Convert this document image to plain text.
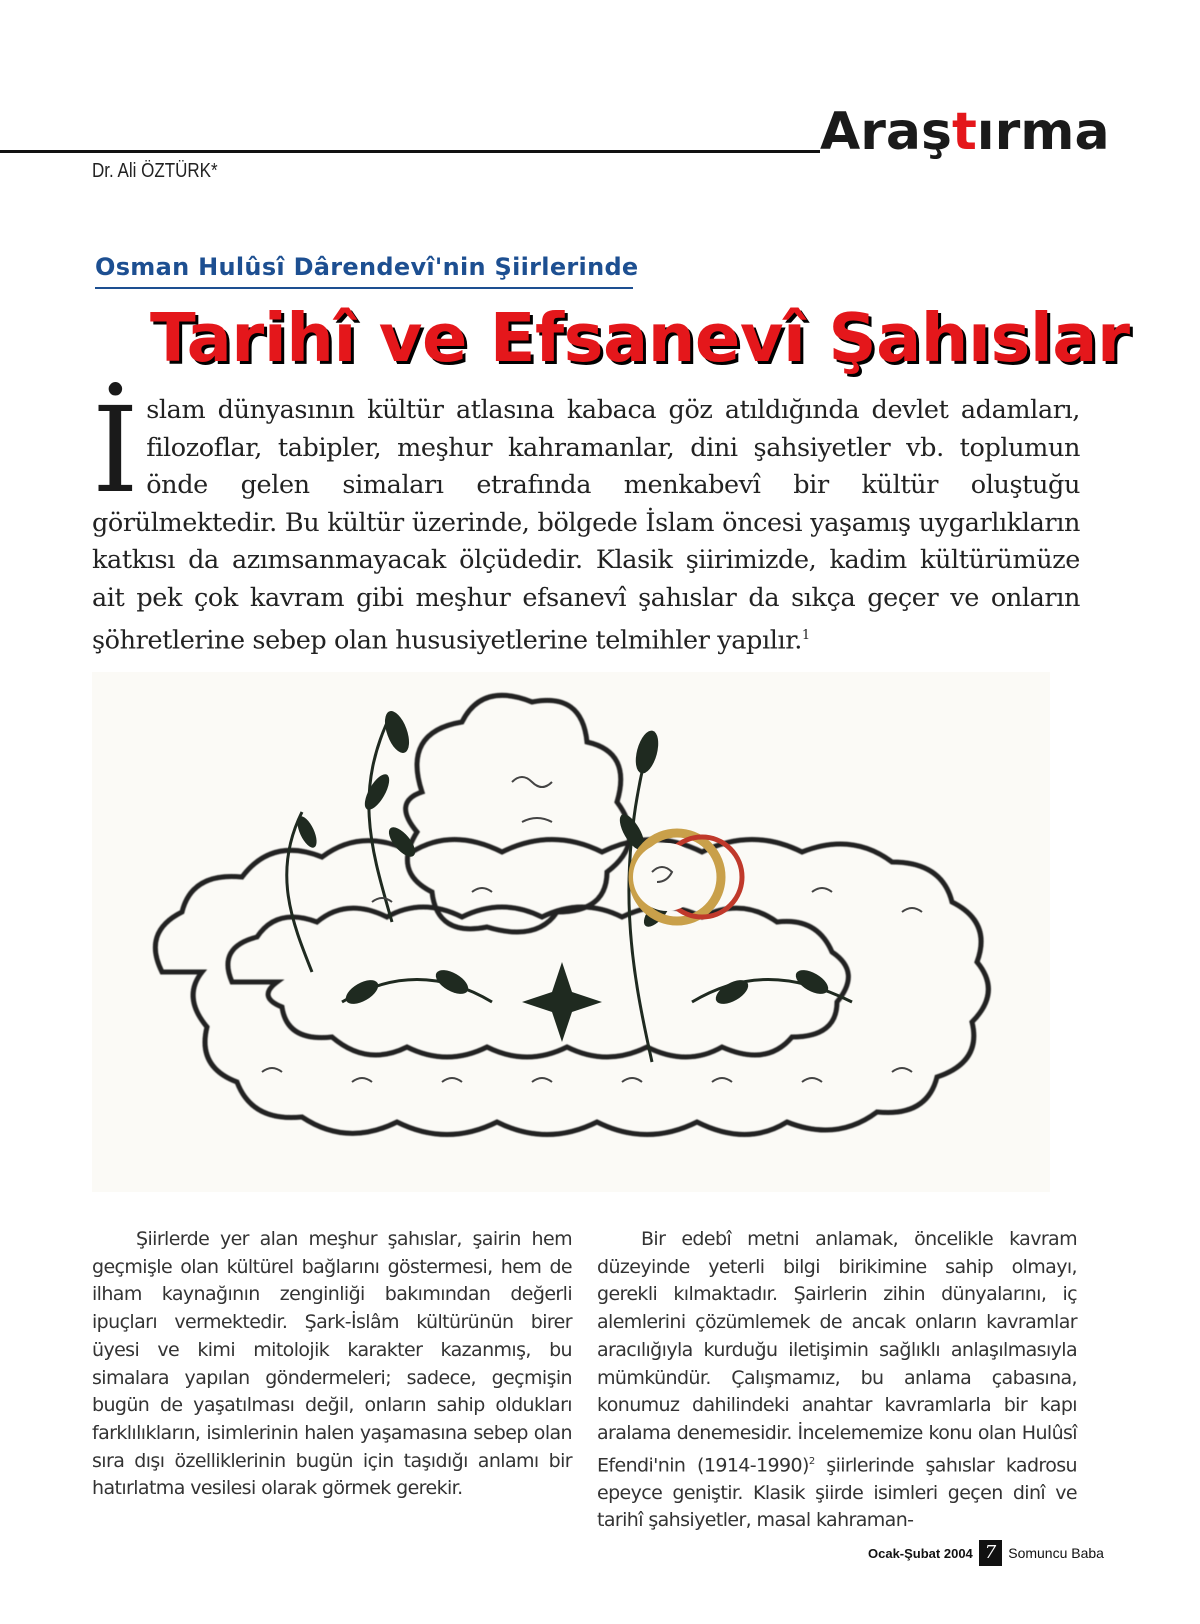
Araştırma
Dr. Ali ÖZTÜRK*
Osman Hulûsî Dârendevî'nin Şiirlerinde
Tarihî ve Efsanevî Şahıslar
İslam dünyasının kültür atlasına kabaca göz atıldığında devlet adamları, filozoflar, tabipler, meşhur kahramanlar, dini şahsiyetler vb. toplumun önde gelen simaları etrafında menkabevî bir kültür oluştuğu görülmektedir. Bu kültür üzerinde, bölgede İslam öncesi yaşamış uygarlıkların katkısı da azımsanmayacak ölçüdedir. Klasik şiirimizde, kadim kültürümüze ait pek çok kavram gibi meşhur efsanevî şahıslar da sıkça geçer ve onların şöhretlerine sebep olan hususiyetlerine telmihler yapılır.$^1$
Şiirlerde yer alan meşhur şahıslar, şairin hem geçmişle olan kültürel bağlarını göstermesi, hem de ilham kaynağının zenginliği bakımından değerli ipuçları vermektedir. Şark-İslâm kültürünün birer üyesi ve kimi mitolojik karakter kazanmış, bu simalara yapılan göndermeleri; sadece, geçmişin bugün de yaşatılması değil, onların sahip oldukları farklılıkların, isimlerinin halen yaşamasına sebep olan sıra dışı özelliklerinin bugün için taşıdığı anlamı bir hatırlatma vesilesi olarak görmek gerekir.
Bir edebî metni anlamak, öncelikle kavram düzeyinde yeterli bilgi birikimine sahip olmayı, gerekli kılmaktadır. Şairlerin zihin dünyalarını, iç alemlerini çözümlemek de ancak onların kavramlar aracılığıyla kurduğu iletişimin sağlıklı anlaşılmasıyla mümkündür. Çalışmamız, bu anlama çabasına, konumuz dahilindeki anahtar kavramlarla bir kapı aralama denemesidir. İncelememize konu olan Hulûsî Efendi'nin (1914-1990)$^2$ şiirlerinde şahıslar kadrosu epeyce geniştir. Klasik şiirde isimleri geçen dinî ve tarihî şahsiyetler, masal kahraman-
Ocak-Şubat 2004 7 Somuncu Baba
